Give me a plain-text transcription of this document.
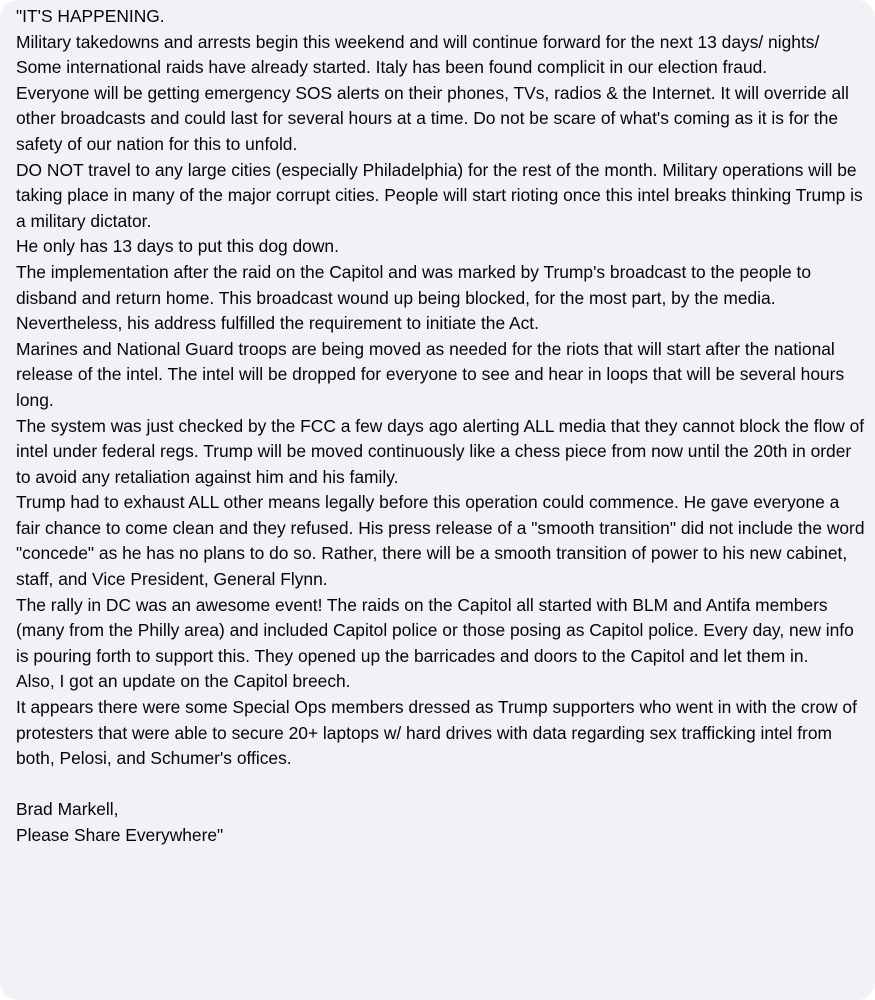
"IT'S HAPPENING.

Military takedowns and arrests begin this weekend and will continue forward for the next 13 days/ nights/ Some international raids have already started. Italy has been found complicit in our election fraud.

Everyone will be getting emergency SOS alerts on their phones, TVs, radios & the Internet. It will override all other broadcasts and could last for several hours at a time. Do not be scare of what's coming as it is for the safety of our nation for this to unfold.

DO NOT travel to any large cities (especially Philadelphia) for the rest of the month. Military operations will be taking place in many of the major corrupt cities. People will start rioting once this intel breaks thinking Trump is a military dictator.

He only has 13 days to put this dog down.

The implementation after the raid on the Capitol and was marked by Trump's broadcast to the people to disband and return home. This broadcast wound up being blocked, for the most part, by the media. Nevertheless, his address fulfilled the requirement to initiate the Act.

Marines and National Guard troops are being moved as needed for the riots that will start after the national release of the intel. The intel will be dropped for everyone to see and hear in loops that will be several hours long.

The system was just checked by the FCC a few days ago alerting ALL media that they cannot block the flow of intel under federal regs. Trump will be moved continuously like a chess piece from now until the 20th in order to avoid any retaliation against him and his family.

Trump had to exhaust ALL other means legally before this operation could commence. He gave everyone a fair chance to come clean and they refused. His press release of a "smooth transition" did not include the word "concede" as he has no plans to do so. Rather, there will be a smooth transition of power to his new cabinet, staff, and Vice President, General Flynn.

The rally in DC was an awesome event! The raids on the Capitol all started with BLM and Antifa members (many from the Philly area) and included Capitol police or those posing as Capitol police. Every day, new info is pouring forth to support this. They opened up the barricades and doors to the Capitol and let them in.

Also, I got an update on the Capitol breech.

It appears there were some Special Ops members dressed as Trump supporters who went in with the crow of protesters that were able to secure 20+ laptops w/ hard drives with data regarding sex trafficking intel from both, Pelosi, and Schumer's offices.

Brad Markell,

Please Share Everywhere"
